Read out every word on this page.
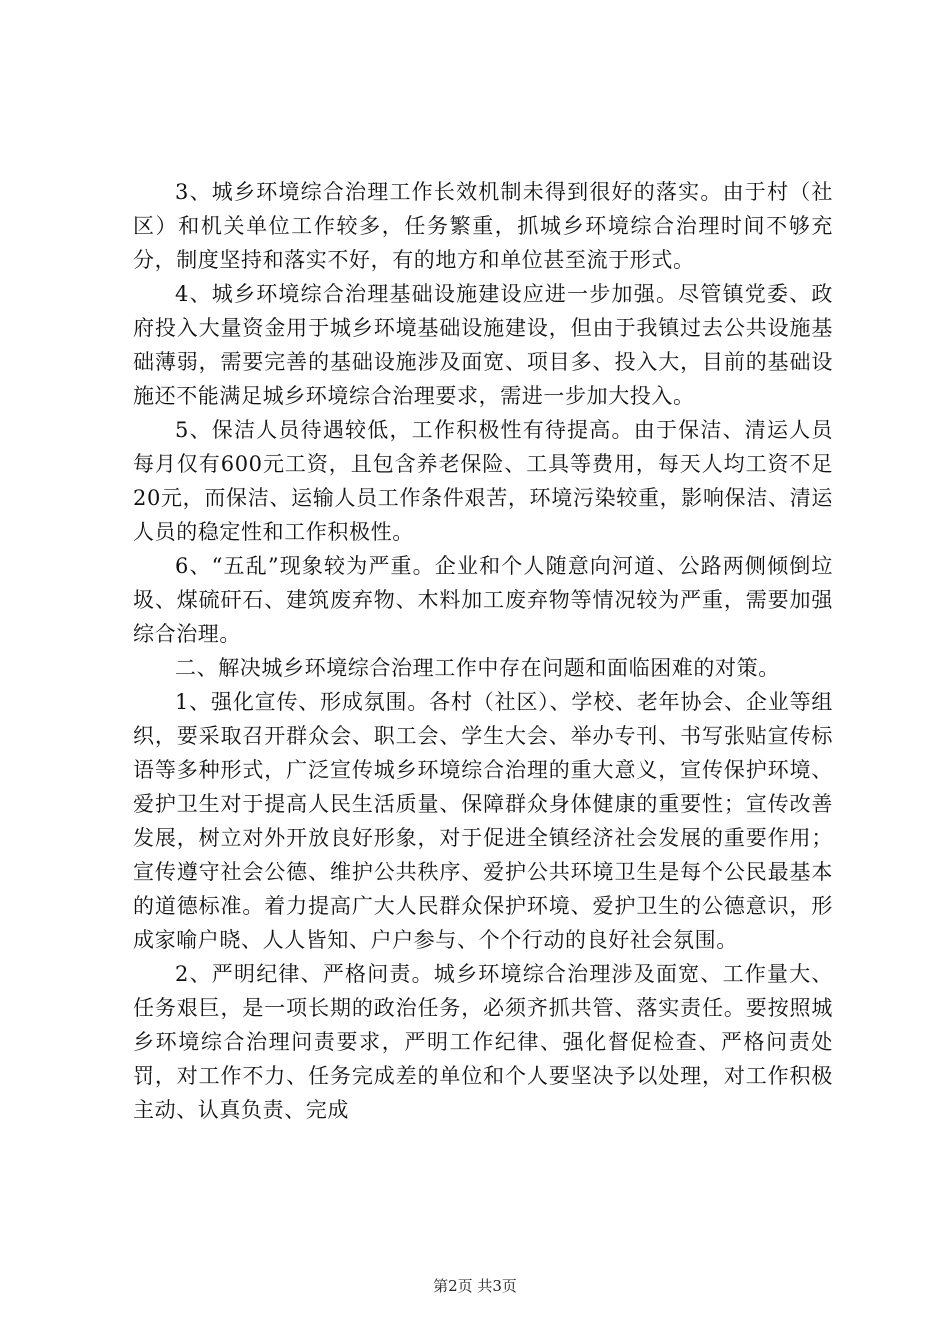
3、城乡环境综合治理工作长效机制未得到很好的落实。由于村（社区）和机关单位工作较多，任务繁重，抓城乡环境综合治理时间不够充分，制度坚持和落实不好，有的地方和单位甚至流于形式。

4、城乡环境综合治理基础设施建设应进一步加强。尽管镇党委、政府投入大量资金用于城乡环境基础设施建设，但由于我镇过去公共设施基础薄弱，需要完善的基础设施涉及面宽、项目多、投入大，目前的基础设施还不能满足城乡环境综合治理要求，需进一步加大投入。

5、保洁人员待遇较低，工作积极性有待提高。由于保洁、清运人员每月仅有600元工资，且包含养老保险、工具等费用，每天人均工资不足20元，而保洁、运输人员工作条件艰苦，环境污染较重，影响保洁、清运人员的稳定性和工作积极性。

6、“五乱”现象较为严重。企业和个人随意向河道、公路两侧倾倒垃圾、煤硫矸石、建筑废弃物、木料加工废弃物等情况较为严重，需要加强综合治理。

二、解决城乡环境综合治理工作中存在问题和面临困难的对策。

1、强化宣传、形成氛围。各村（社区）、学校、老年协会、企业等组织，要采取召开群众会、职工会、学生大会、举办专刊、书写张贴宣传标语等多种形式，广泛宣传城乡环境综合治理的重大意义，宣传保护环境、爱护卫生对于提高人民生活质量、保障群众身体健康的重要性；宣传改善发展，树立对外开放良好形象，对于促进全镇经济社会发展的重要作用；宣传遵守社会公德、维护公共秩序、爱护公共环境卫生是每个公民最基本的道德标准。着力提高广大人民群众保护环境、爱护卫生的公德意识，形成家喻户晓、人人皆知、户户参与、个个行动的良好社会氛围。

2、严明纪律、严格问责。城乡环境综合治理涉及面宽、工作量大、任务艰巨，是一项长期的政治任务，必须齐抓共管、落实责任。要按照城乡环境综合治理问责要求，严明工作纪律、强化督促检查、严格问责处罚，对工作不力、任务完成差的单位和个人要坚决予以处理，对工作积极主动、认真负责、完成

第2页 共3页
